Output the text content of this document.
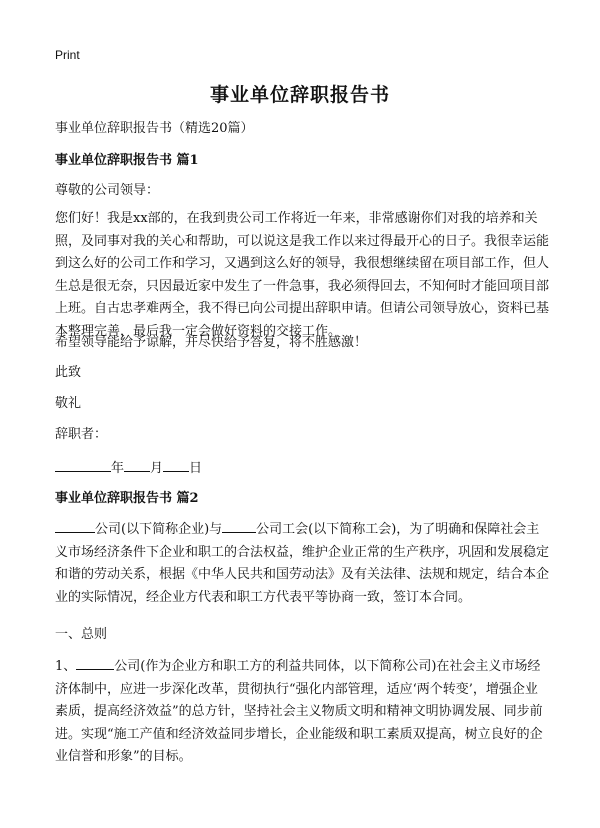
Print
事业单位辞职报告书

事业单位辞职报告书（精选20篇）

事业单位辞职报告书 篇1

尊敬的公司领导：

您们好！我是xx部的，在我到贵公司工作将近一年来，非常感谢你们对我的培养和关照，及同事对我的关心和帮助，可以说这是我工作以来过得最开心的日子。我很幸运能到这么好的公司工作和学习，又遇到这么好的领导，我很想继续留在项目部工作，但人生总是很无奈，只因最近家中发生了一件急事，我必须得回去，不知何时才能回项目部上班。自古忠孝难两全，我不得已向公司提出辞职申请。但请公司领导放心，资料已基本整理完善，最后我一定会做好资料的交接工作。

希望领导能给予谅解，并尽快给予答复，将不胜感激！

此致

敬礼

辞职者：

年 月 日

事业单位辞职报告书 篇2

公司(以下简称企业)与	公司工会(以下简称工会)，为了明确和保障社会主义市场经济条件下企业和职工的合法权益，维护企业正常的生产秩序，巩固和发展稳定和谐的劳动关系，根据《中华人民共和国劳动法》及有关法律、法规和规定，结合本企业的实际情况，经企业方代表和职工方代表平等协商一致，签订本合同。

一、总则

1、	公司(作为企业方和职工方的利益共同体，以下简称公司)在社会主义市场经济体制中，应进一步深化改革，贯彻执行“强化内部管理，适应‘两个转变’，增强企业素质，提高经济效益”的总方针，坚持社会主义物质文明和精神文明协调发展、同步前进。实现“施工产值和经济效益同步增长，企业能级和职工素质双提高，树立良好的企业信誉和形象”的目标。
